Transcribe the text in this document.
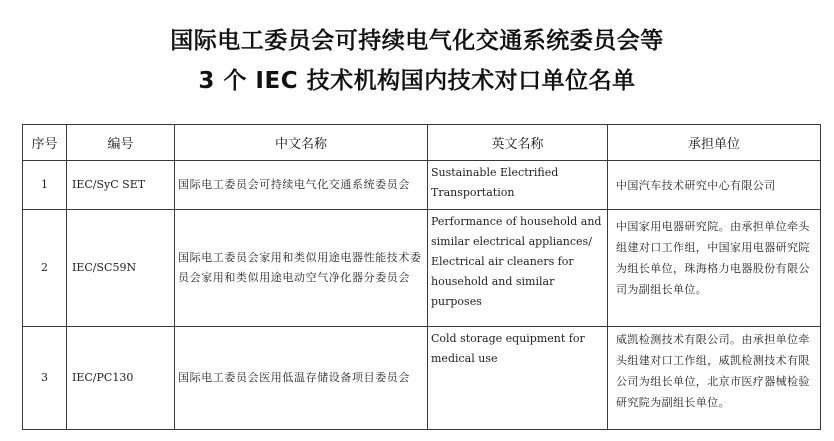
国际电工委员会可持续电气化交通系统委员会等
3 个 IEC 技术机构国内技术对口单位名单
序号	编号	中文名称	英文名称	承担单位
1	IEC/SyC SET	国际电工委员会可持续电气化交通系统委员会	Sustainable Electrified Transportation	中国汽车技术研究中心有限公司
2	IEC/SC59N	国际电工委员会家用和类似用途电器性能技术委员会家用和类似用途电动空气净化器分委员会	Performance of household and similar electrical appliances/ Electrical air cleaners for household and similar purposes	中国家用电器研究院。由承担单位牵头组建对口工作组，中国家用电器研究院为组长单位，珠海格力电器股份有限公司为副组长单位。
3	IEC/PC130	国际电工委员会医用低温存储设备项目委员会	Cold storage equipment for medical use	威凯检测技术有限公司。由承担单位牵头组建对口工作组，威凯检测技术有限公司为组长单位，北京市医疗器械检验研究院为副组长单位。
